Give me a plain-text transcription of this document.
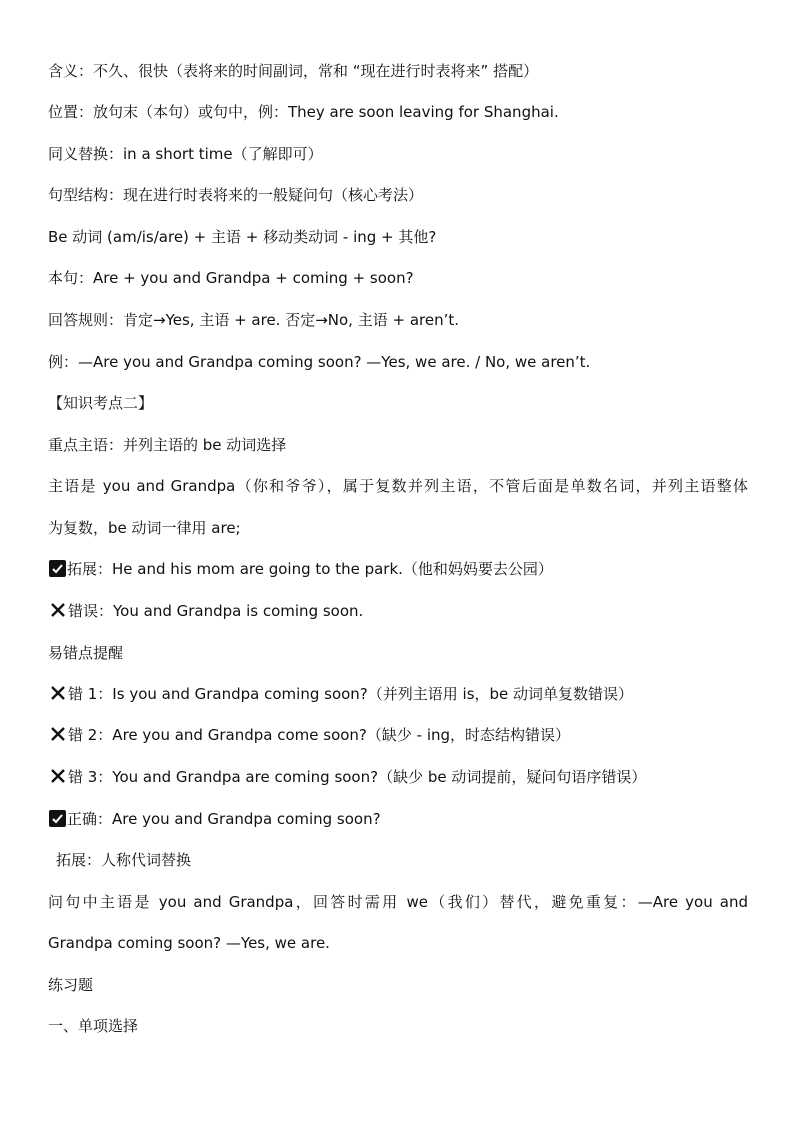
含义：不久、很快（表将来的时间副词，常和 “现在进行时表将来” 搭配）
位置：放句末（本句）或句中，例：They are soon leaving for Shanghai.
同义替换：in a short time（了解即可）
句型结构：现在进行时表将来的一般疑问句（核心考法）
Be 动词 (am/is/are) + 主语 + 移动类动词 - ing + 其他?
本句：Are + you and Grandpa + coming + soon?
回答规则：肯定→Yes, 主语 + are. 否定→No, 主语 + aren’t.
例：—Are you and Grandpa coming soon? —Yes, we are. / No, we aren’t.
【知识考点二】
重点主语：并列主语的 be 动词选择
主语是 you and Grandpa（你和爷爷），属于复数并列主语，不管后面是单数名词，并列主语整体
为复数，be 动词一律用 are;
拓展：He and his mom are going to the park.（他和妈妈要去公园）
错误：You and Grandpa is coming soon.
易错点提醒
错 1：Is you and Grandpa coming soon?（并列主语用 is，be 动词单复数错误）
错 2：Are you and Grandpa come soon?（缺少 - ing，时态结构错误）
错 3：You and Grandpa are coming soon?（缺少 be 动词提前，疑问句语序错误）
正确：Are you and Grandpa coming soon?
拓展：人称代词替换
问句中主语是 you and Grandpa，回答时需用 we（我们）替代，避免重复：—Are you and
Grandpa coming soon? —Yes, we are.
练习题
一、单项选择
